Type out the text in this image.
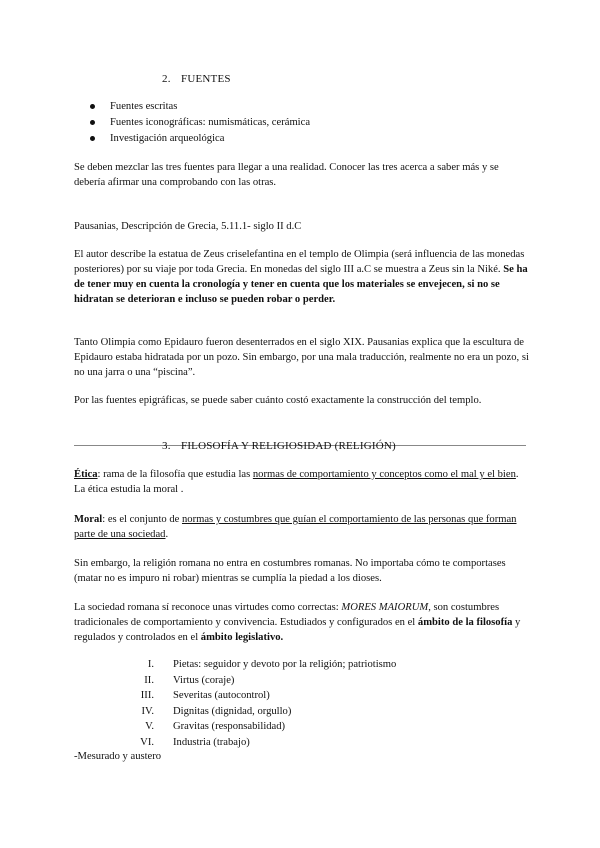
2. FUENTES
Fuentes escritas
Fuentes iconográficas: numismáticas, cerámica
Investigación arqueológica

Se deben mezclar las tres fuentes para llegar a una realidad. Conocer las tres acerca a saber más y se debería afirmar una comprobando con las otras.

Pausanias, Descripción de Grecia, 5.11.1- siglo II d.C

El autor describe la estatua de Zeus criselefantina en el templo de Olimpia (será influencia de las monedas posteriores) por su viaje por toda Grecia. En monedas del siglo III a.C se muestra a Zeus sin la Niké. Se ha de tener muy en cuenta la cronología y tener en cuenta que los materiales se envejecen, si no se hidratan se deterioran e incluso se pueden robar o perder.

Tanto Olimpia como Epidauro fueron desenterrados en el siglo XIX. Pausanias explica que la escultura de Epidauro estaba hidratada por un pozo. Sin embargo, por una mala traducción, realmente no era un pozo, si no una jarra o una “piscina”.

Por las fuentes epigráficas, se puede saber cuánto costó exactamente la construcción del templo.

3. FILOSOFÍA Y RELIGIOSIDAD (RELIGIÓN)

Ética: rama de la filosofía que estudia las normas de comportamiento y conceptos como el mal y el bien. La ética estudia la moral .

Moral: es el conjunto de normas y costumbres que guían el comportamiento de las personas que forman parte de una sociedad.

Sin embargo, la religión romana no entra en costumbres romanas. No importaba cómo te comportases (matar no es impuro ni robar) mientras se cumplía la piedad a los dioses.

La sociedad romana sí reconoce unas virtudes como correctas: MORES MAIORUM, son costumbres tradicionales de comportamiento y convivencia. Estudiados y configurados en el ámbito de la filosofía y regulados y controlados en el ámbito legislativo.

I. Pietas: seguidor y devoto por la religión; patriotismo
II. Virtus (coraje)
III. Severitas (autocontrol)
IV. Dignitas (dignidad, orgullo)
V. Gravitas (responsabilidad)
VI. Industria (trabajo)

-Mesurado y austero
